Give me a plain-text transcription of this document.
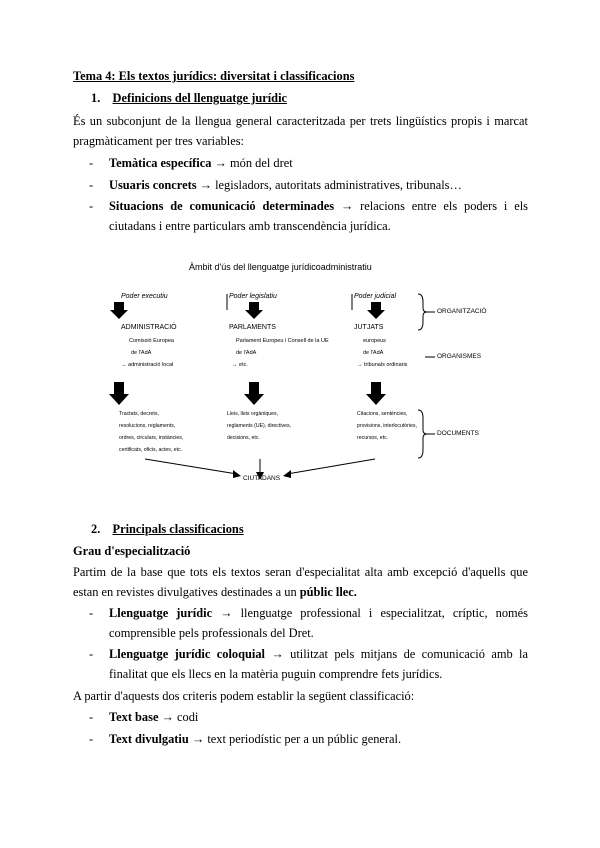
Tema 4: Els textos jurídics: diversitat i classificacions
1. Definicions del llenguatge jurídic
És un subconjunt de la llengua general caracteritzada per trets lingüístics propis i marcat pragmàticament per tres variables:
- Temàtica específica → món del dret
- Usuaris concrets → legisladors, autoritats administratives, tribunals…
- Situacions de comunicació determinades → relacions entre els poders i els ciutadans i entre particulars amb transcendència jurídica.
Àmbit d'ús del llenguatge jurídicoadministratiu
Poder executiu	Poder legislatiu	Poder judicial
ADMINISTRACIÓ	PARLAMENTS	JUTJATS
Comissió Europea
de l'AdA
→ administració local
Parlament Europeu i Consell de la UE
de l'AdA
→ etc.
europeus
de l'AdA
→ tribunals ordinaris
Tractats, decrets,
resolucions, reglaments,
ordres, circulars, instàncies,
certificats, oficis, actes, etc.
Lleis, lleis orgàniques,
reglaments (UE), directives,
decisions, etc.
Citacions, sentències,
provisions, interlocutòries,
recursos, etc.
ORGANITZACIÓ
ORGANISMES
DOCUMENTS
CIUTADANS
2. Principals classificacions
Grau d'especialització
Partim de la base que tots els textos seran d'especialitat alta amb excepció d'aquells que estan en revistes divulgatives destinades a un públic llec.
- Llenguatge jurídic → llenguatge professional i especialitzat, críptic, només comprensible pels professionals del Dret.
- Llenguatge jurídic coloquial → utilitzat pels mitjans de comunicació amb la finalitat que els llecs en la matèria puguin comprendre fets jurídics.
A partir d'aquests dos criteris podem establir la següent classificació:
- Text base → codi
- Text divulgatiu → text periodístic per a un públic general.
